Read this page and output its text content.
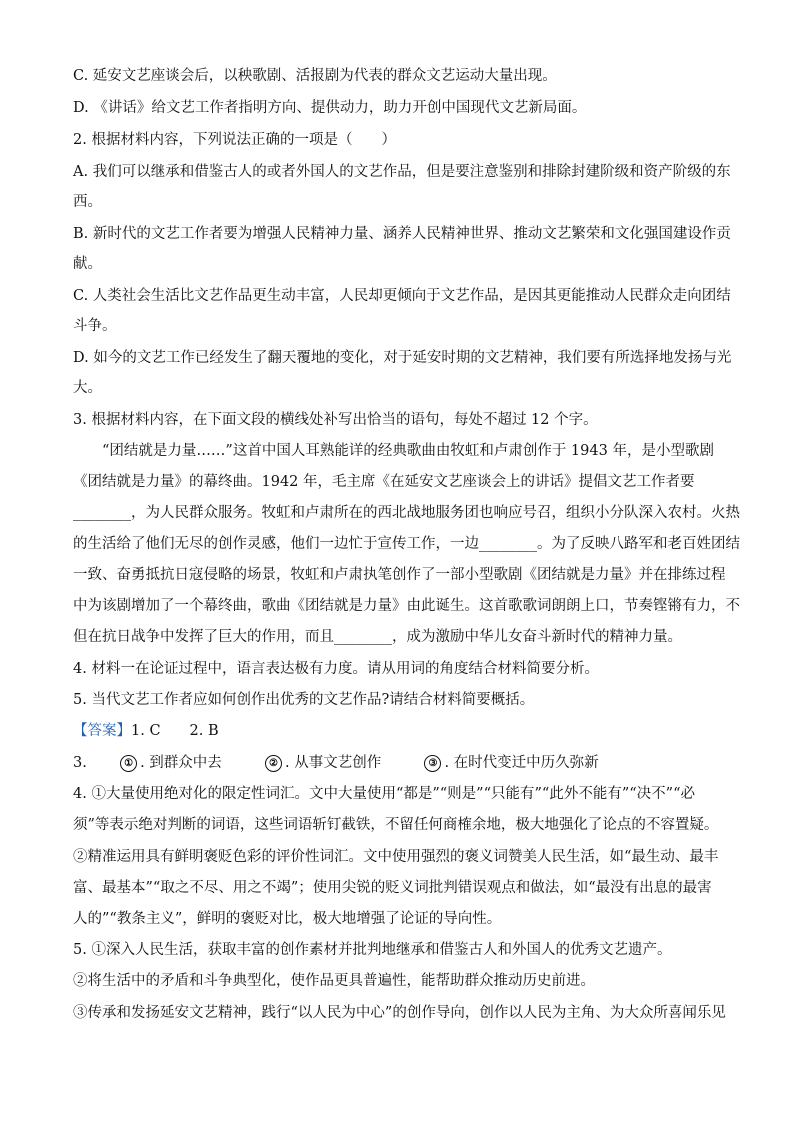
C. 延安文艺座谈会后，以秧歌剧、活报剧为代表的群众文艺运动大量出现。
D. 《讲话》给文艺工作者指明方向、提供动力，助力开创中国现代文艺新局面。
2. 根据材料内容，下列说法正确的一项是（　　）
A. 我们可以继承和借鉴古人的或者外国人的文艺作品，但是要注意鉴别和排除封建阶级和资产阶级的东
西。
B. 新时代的文艺工作者要为增强人民精神力量、涵养人民精神世界、推动文艺繁荣和文化强国建设作贡
献。
C. 人类社会生活比文艺作品更生动丰富，人民却更倾向于文艺作品，是因其更能推动人民群众走向团结
斗争。
D. 如今的文艺工作已经发生了翻天覆地的变化，对于延安时期的文艺精神，我们要有所选择地发扬与光
大。
3. 根据材料内容，在下面文段的横线处补写出恰当的语句，每处不超过 12 个字。
　　“团结就是力量……”这首中国人耳熟能详的经典歌曲由牧虹和卢肃创作于 1943 年，是小型歌剧
《团结就是力量》的幕终曲。1942 年，毛主席《在延安文艺座谈会上的讲话》提倡文艺工作者要
________，为人民群众服务。牧虹和卢肃所在的西北战地服务团也响应号召，组织小分队深入农村。火热
的生活给了他们无尽的创作灵感，他们一边忙于宣传工作，一边________。为了反映八路军和老百姓团结
一致、奋勇抵抗日寇侵略的场景，牧虹和卢肃执笔创作了一部小型歌剧《团结就是力量》并在排练过程
中为该剧增加了一个幕终曲，歌曲《团结就是力量》由此诞生。这首歌歌词朗朗上口，节奏铿锵有力，不
但在抗日战争中发挥了巨大的作用，而且________，成为激励中华儿女奋斗新时代的精神力量。
4. 材料一在论证过程中，语言表达极有力度。请从用词的角度结合材料简要分析。
5. 当代文艺工作者应如何创作出优秀的文艺作品?请结合材料简要概括。
【答案】1. C　　2. B
3.	① . 到群众中去	② . 从事文艺创作	③ . 在时代变迁中历久弥新
4. ①大量使用绝对化的限定性词汇。文中大量使用“都是”“则是”“只能有”“此外不能有”“决不”“必
须”等表示绝对判断的词语，这些词语斩钉截铁，不留任何商榷余地，极大地强化了论点的不容置疑。
②精准运用具有鲜明褒贬色彩的评价性词汇。文中使用强烈的褒义词赞美人民生活，如“最生动、最丰
富、最基本”“取之不尽、用之不竭”；使用尖锐的贬义词批判错误观点和做法，如“最没有出息的最害
人的”“教条主义”，鲜明的褒贬对比，极大地增强了论证的导向性。
5. ①深入人民生活，获取丰富的创作素材并批判地继承和借鉴古人和外国人的优秀文艺遗产。
②将生活中的矛盾和斗争典型化，使作品更具普遍性，能帮助群众推动历史前进。
③传承和发扬延安文艺精神，践行“以人民为中心”的创作导向，创作以人民为主角、为大众所喜闻乐见
